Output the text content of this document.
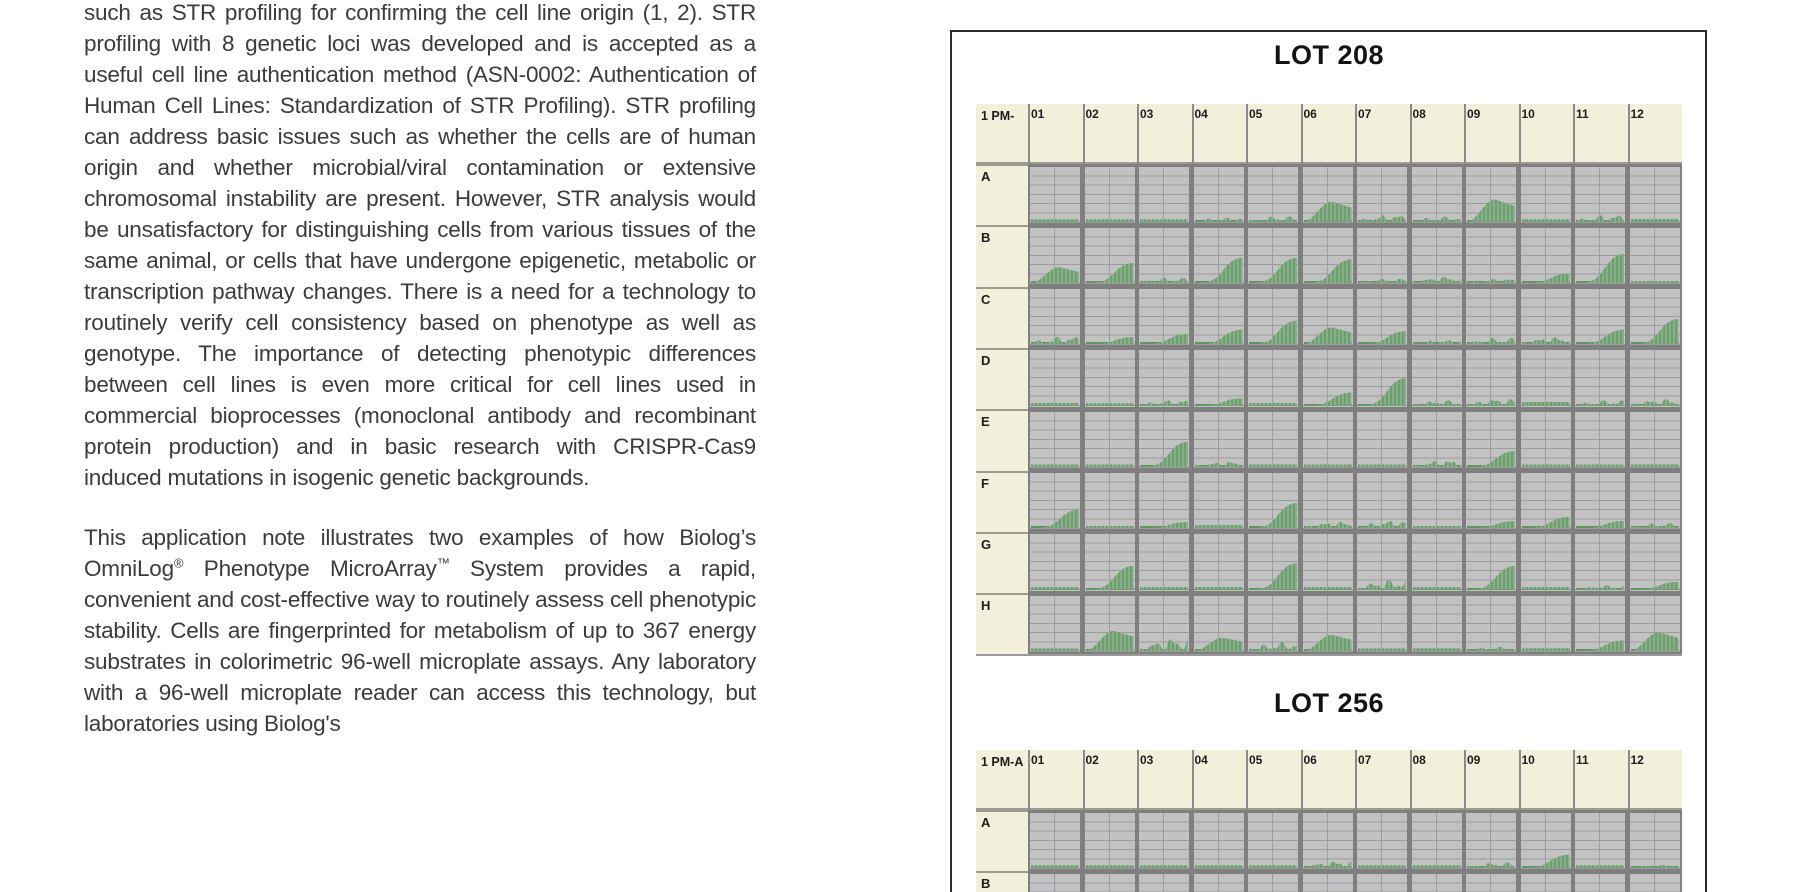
such as STR profiling for confirming the cell line origin (1, 2). STR profiling with 8 genetic loci was developed and is accepted as a useful cell line authentication method (ASN-0002: Authentication of Human Cell Lines: Standardization of STR Profiling). STR profiling can address basic issues such as whether the cells are of human origin and whether microbial/viral contamination or extensive chromosomal instability are present. However, STR analysis would be unsatisfactory for distinguishing cells from various tissues of the same animal, or cells that have undergone epigenetic, metabolic or transcription pathway changes. There is a need for a technology to routinely verify cell consistency based on phenotype as well as genotype. The importance of detecting phenotypic differences between cell lines is even more critical for cell lines used in commercial bioprocesses (monoclonal antibody and recombinant protein production) and in basic research with CRISPR-Cas9 induced mutations in isogenic genetic backgrounds.

This application note illustrates two examples of how Biolog’s OmniLog® Phenotype MicroArray™ System provides a rapid, convenient and cost-effective way to routinely assess cell phenotypic stability. Cells are fingerprinted for metabolism of up to 367 energy substrates in colorimetric 96-well microplate assays. Any laboratory with a 96-well microplate reader can access this technology, but laboratories using Biolog's

LOT 208
1 PM- 01	02	03	04	05	06	07	08	09	10	11	12
A
B
C
D
E
F
G
H
LOT 256
1 PM-A 01	02	03	04	05	06	07	08	09	10	11	12
A
B
